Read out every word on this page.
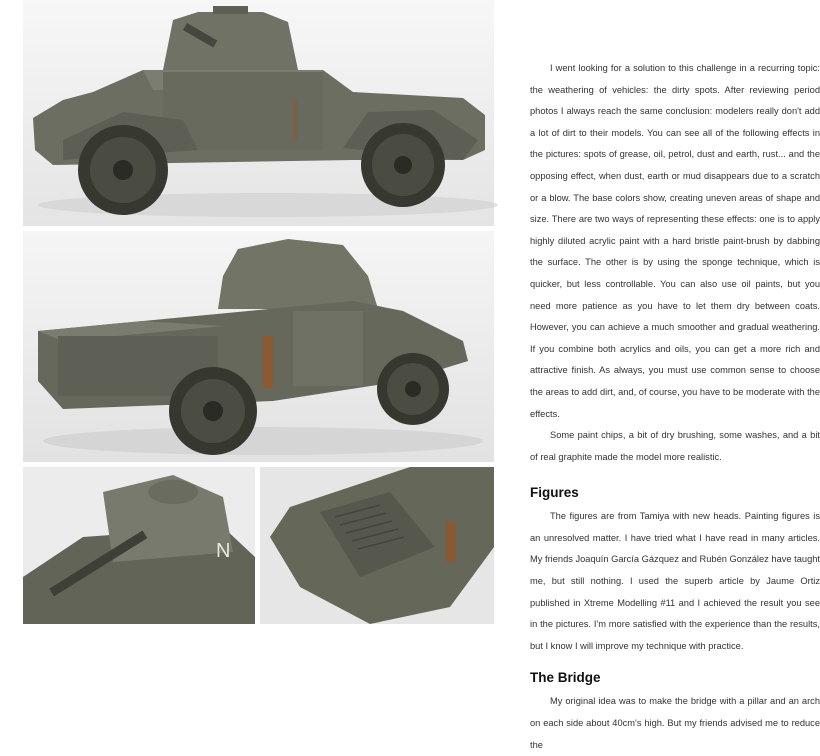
N

I went looking for a solution to this challenge in a recurring topic: the weathering of vehicles: the dirty spots. After reviewing period photos I always reach the same conclusion: modelers really don't add a lot of dirt to their models. You can see all of the following effects in the pictures: spots of grease, oil, petrol, dust and earth, rust... and the opposing effect, when dust, earth or mud disappears due to a scratch or a blow. The base colors show, creating uneven areas of shape and size. There are two ways of representing these effects: one is to apply highly diluted acrylic paint with a hard bristle paint-brush by dabbing the surface. The other is by using the sponge technique, which is quicker, but less controllable. You can also use oil paints, but you need more patience as you have to let them dry between coats. However, you can achieve a much smoother and gradual weathering. If you combine both acrylics and oils, you can get a more rich and attractive finish. As always, you must use common sense to choose the areas to add dirt, and, of course, you have to be moderate with the effects.

Some paint chips, a bit of dry brushing, some washes, and a bit of real graphite made the model more realistic.

Figures

The figures are from Tamiya with new heads. Painting figures is an unresolved matter. I have tried what I have read in many articles. My friends Joaquín García Gázquez and Rubén González have taught me, but still nothing. I used the superb article by Jaume Ortiz published in Xtreme Modelling #11 and I achieved the result you see in the pictures. I'm more satisfied with the experience than the results, but I know I will improve my technique with practice.

The Bridge

My original idea was to make the bridge with a pillar and an arch on each side about 40cm's high. But my friends advised me to reduce the
